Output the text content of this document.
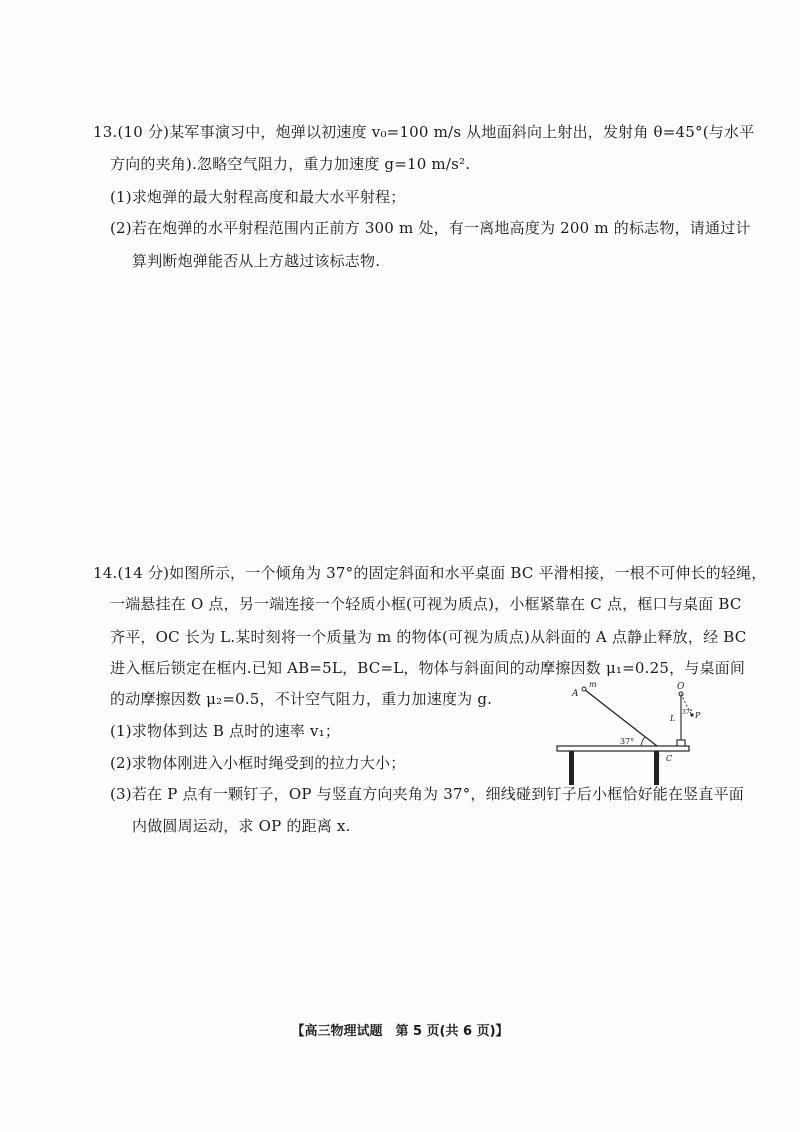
13.(10 分)某军事演习中，炮弹以初速度 v₀=100 m/s 从地面斜向上射出，发射角 θ=45°(与水平
方向的夹角).忽略空气阻力，重力加速度 g=10 m/s².
(1)求炮弹的最大射程高度和最大水平射程；
(2)若在炮弹的水平射程范围内正前方 300 m 处，有一离地高度为 200 m 的标志物，请通过计
算判断炮弹能否从上方越过该标志物.
14.(14 分)如图所示，一个倾角为 37°的固定斜面和水平桌面 BC 平滑相接，一根不可伸长的轻绳，
一端悬挂在 O 点，另一端连接一个轻质小框(可视为质点)，小框紧靠在 C 点，框口与桌面 BC
齐平，OC 长为 L.某时刻将一个质量为 m 的物体(可视为质点)从斜面的 A 点静止释放，经 BC
进入框后锁定在框内.已知 AB=5L，BC=L，物体与斜面间的动摩擦因数 μ₁=0.25，与桌面间
的动摩擦因数 μ₂=0.5，不计空气阻力，重力加速度为 g.
(1)求物体到达 B 点时的速率 v₁；
(2)求物体刚进入小框时绳受到的拉力大小；
(3)若在 P 点有一颗钉子，OP 与竖直方向夹角为 37°，细线碰到钉子后小框恰好能在竖直平面
内做圆周运动，求 OP 的距离 x.
A
m
37°
B C
O
L
37° P
【高三物理试题　第 5 页(共 6 页)】
